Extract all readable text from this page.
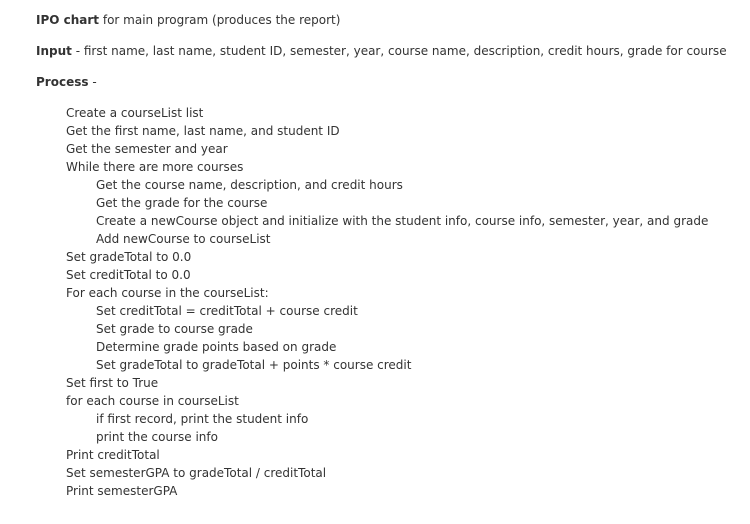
IPO chart for main program (produces the report)
Input - first name, last name, student ID, semester, year, course name, description, credit hours, grade for course
Process -
Create a courseList list
Get the first name, last name, and student ID
Get the semester and year
While there are more courses
Get the course name, description, and credit hours
Get the grade for the course
Create a newCourse object and initialize with the student info, course info, semester, year, and grade
Add newCourse to courseList
Set gradeTotal to 0.0
Set creditTotal to 0.0
For each course in the courseList:
Set creditTotal = creditTotal + course credit
Set grade to course grade
Determine grade points based on grade
Set gradeTotal to gradeTotal + points * course credit
Set first to True
for each course in courseList
if first record, print the student info
print the course info
Print creditTotal
Set semesterGPA to gradeTotal / creditTotal
Print semesterGPA
